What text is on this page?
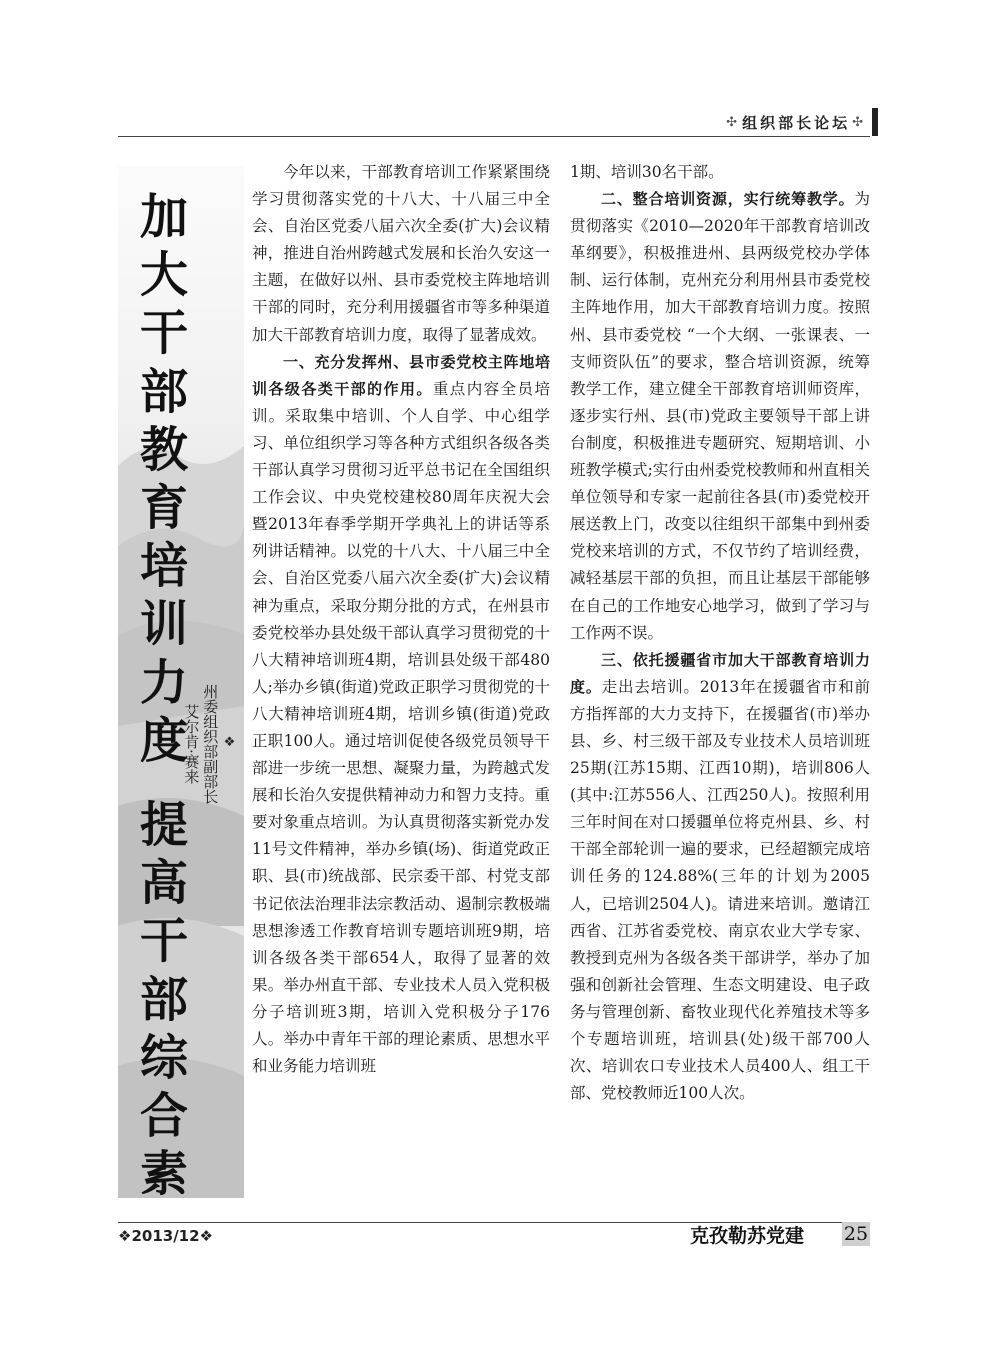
✣ 组织部长论坛 ✣
加
大
干
部
教
育
培
训
力
度
提
高
干
部
综
合
素
❖
州委组织部副部长
艾尔肯·赛来

今年以来，干部教育培训工作紧紧围绕学习贯彻落实党的十八大、十八届三中全会、自治区党委八届六次全委(扩大)会议精神，推进自治州跨越式发展和长治久安这一主题，在做好以州、县市委党校主阵地培训干部的同时，充分利用援疆省市等多种渠道加大干部教育培训力度，取得了显著成效。

一、充分发挥州、县市委党校主阵地培训各级各类干部的作用。重点内容全员培训。采取集中培训、个人自学、中心组学习、单位组织学习等各种方式组织各级各类干部认真学习贯彻习近平总书记在全国组织工作会议、中央党校建校80周年庆祝大会暨2013年春季学期开学典礼上的讲话等系列讲话精神。以党的十八大、十八届三中全会、自治区党委八届六次全委(扩大)会议精神为重点，采取分期分批的方式，在州县市委党校举办县处级干部认真学习贯彻党的十八大精神培训班4期，培训县处级干部480人;举办乡镇(街道)党政正职学习贯彻党的十八大精神培训班4期，培训乡镇(街道)党政正职100人。通过培训促使各级党员领导干部进一步统一思想、凝聚力量，为跨越式发展和长治久安提供精神动力和智力支持。重要对象重点培训。为认真贯彻落实新党办发11号文件精神，举办乡镇(场)、街道党政正职、县(市)统战部、民宗委干部、村党支部书记依法治理非法宗教活动、遏制宗教极端思想渗透工作教育培训专题培训班9期，培训各级各类干部654人，取得了显著的效果。举办州直干部、专业技术人员入党积极分子培训班3期，培训入党积极分子176人。举办中青年干部的理论素质、思想水平和业务能力培训班

1期、培训30名干部。

二、整合培训资源，实行统筹教学。为贯彻落实《2010—2020年干部教育培训改革纲要》，积极推进州、县两级党校办学体制、运行体制，克州充分利用州县市委党校主阵地作用，加大干部教育培训力度。按照州、县市委党校 “一个大纲、一张课表、一支师资队伍”的要求，整合培训资源，统筹教学工作，建立健全干部教育培训师资库，逐步实行州、县(市)党政主要领导干部上讲台制度，积极推进专题研究、短期培训、小班教学模式;实行由州委党校教师和州直相关单位领导和专家一起前往各县(市)委党校开展送教上门，改变以往组织干部集中到州委党校来培训的方式，不仅节约了培训经费，减轻基层干部的负担，而且让基层干部能够在自己的工作地安心地学习，做到了学习与工作两不误。

三、依托援疆省市加大干部教育培训力度。走出去培训。2013年在援疆省市和前方指挥部的大力支持下，在援疆省(市)举办县、乡、村三级干部及专业技术人员培训班25期(江苏15期、江西10期)，培训806人(其中:江苏556人、江西250人)。按照利用三年时间在对口援疆单位将克州县、乡、村干部全部轮训一遍的要求，已经超额完成培训任务的124.88%(三年的计划为2005人，已培训2504人)。请进来培训。邀请江西省、江苏省委党校、南京农业大学专家、教授到克州为各级各类干部讲学，举办了加强和创新社会管理、生态文明建设、电子政务与管理创新、畜牧业现代化养殖技术等多个专题培训班，培训县(处)级干部700人次、培训农口专业技术人员400人、组工干部、党校教师近100人次。

❖2013/12❖	克孜勒苏党建 25
